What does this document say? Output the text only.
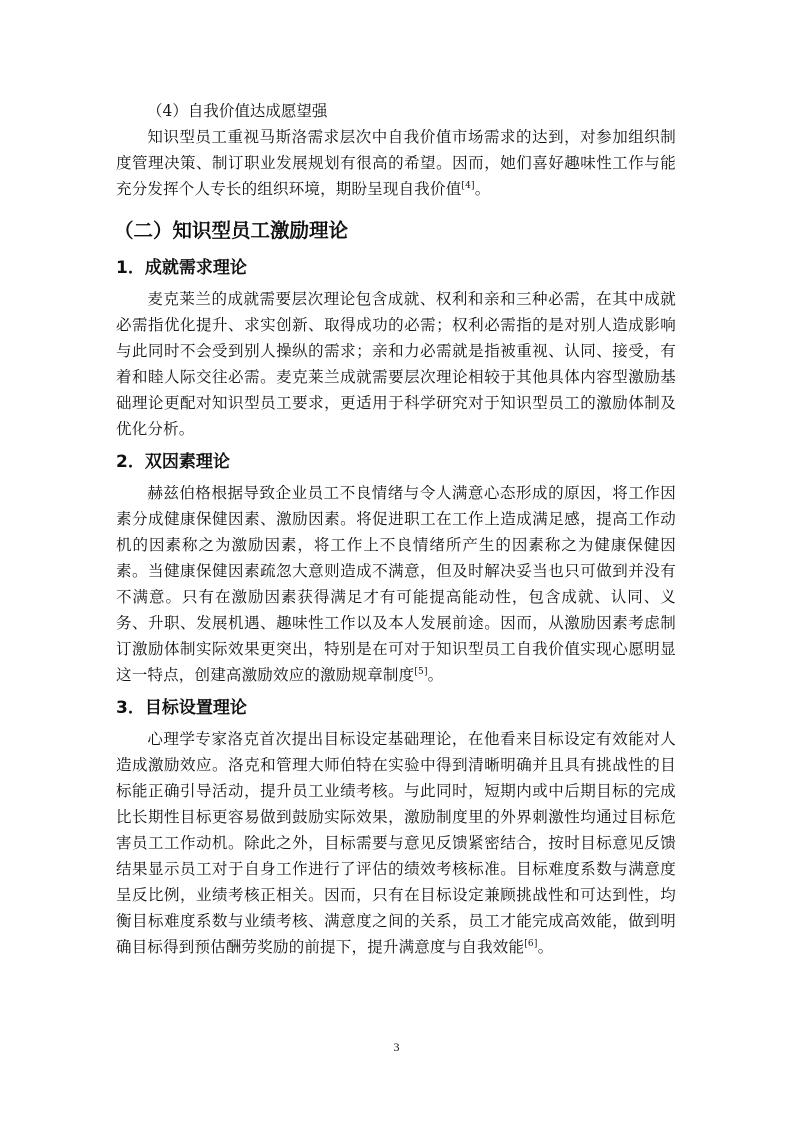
（4）自我价值达成愿望强

知识型员工重视马斯洛需求层次中自我价值市场需求的达到，对参加组织制度管理决策、制订职业发展规划有很高的希望。因而，她们喜好趣味性工作与能充分发挥个人专长的组织环境，期盼呈现自我价值[4]。

（二）知识型员工激励理论
1．成就需求理论

麦克莱兰的成就需要层次理论包含成就、权利和亲和三种必需，在其中成就必需指优化提升、求实创新、取得成功的必需；权利必需指的是对别人造成影响与此同时不会受到别人操纵的需求；亲和力必需就是指被重视、认同、接受，有着和睦人际交往必需。麦克莱兰成就需要层次理论相较于其他具体内容型激励基础理论更配对知识型员工要求，更适用于科学研究对于知识型员工的激励体制及优化分析。

2．双因素理论

赫兹伯格根据导致企业员工不良情绪与令人满意心态形成的原因，将工作因素分成健康保健因素、激励因素。将促进职工在工作上造成满足感，提高工作动机的因素称之为激励因素，将工作上不良情绪所产生的因素称之为健康保健因素。当健康保健因素疏忽大意则造成不满意，但及时解决妥当也只可做到并没有不满意。只有在激励因素获得满足才有可能提高能动性，包含成就、认同、义务、升职、发展机遇、趣味性工作以及本人发展前途。因而，从激励因素考虑制订激励体制实际效果更突出，特别是在可对于知识型员工自我价值实现心愿明显这一特点，创建高激励效应的激励规章制度[5]。

3．目标设置理论

心理学专家洛克首次提出目标设定基础理论，在他看来目标设定有效能对人造成激励效应。洛克和管理大师伯特在实验中得到清晰明确并且具有挑战性的目标能正确引导活动，提升员工业绩考核。与此同时，短期内或中后期目标的完成比长期性目标更容易做到鼓励实际效果，激励制度里的外界刺激性均通过目标危害员工工作动机。除此之外，目标需要与意见反馈紧密结合，按时目标意见反馈结果显示员工对于自身工作进行了评估的绩效考核标准。目标难度系数与满意度呈反比例，业绩考核正相关。因而，只有在目标设定兼顾挑战性和可达到性，均衡目标难度系数与业绩考核、满意度之间的关系，员工才能完成高效能，做到明确目标得到预估酬劳奖励的前提下，提升满意度与自我效能[6]。

3
